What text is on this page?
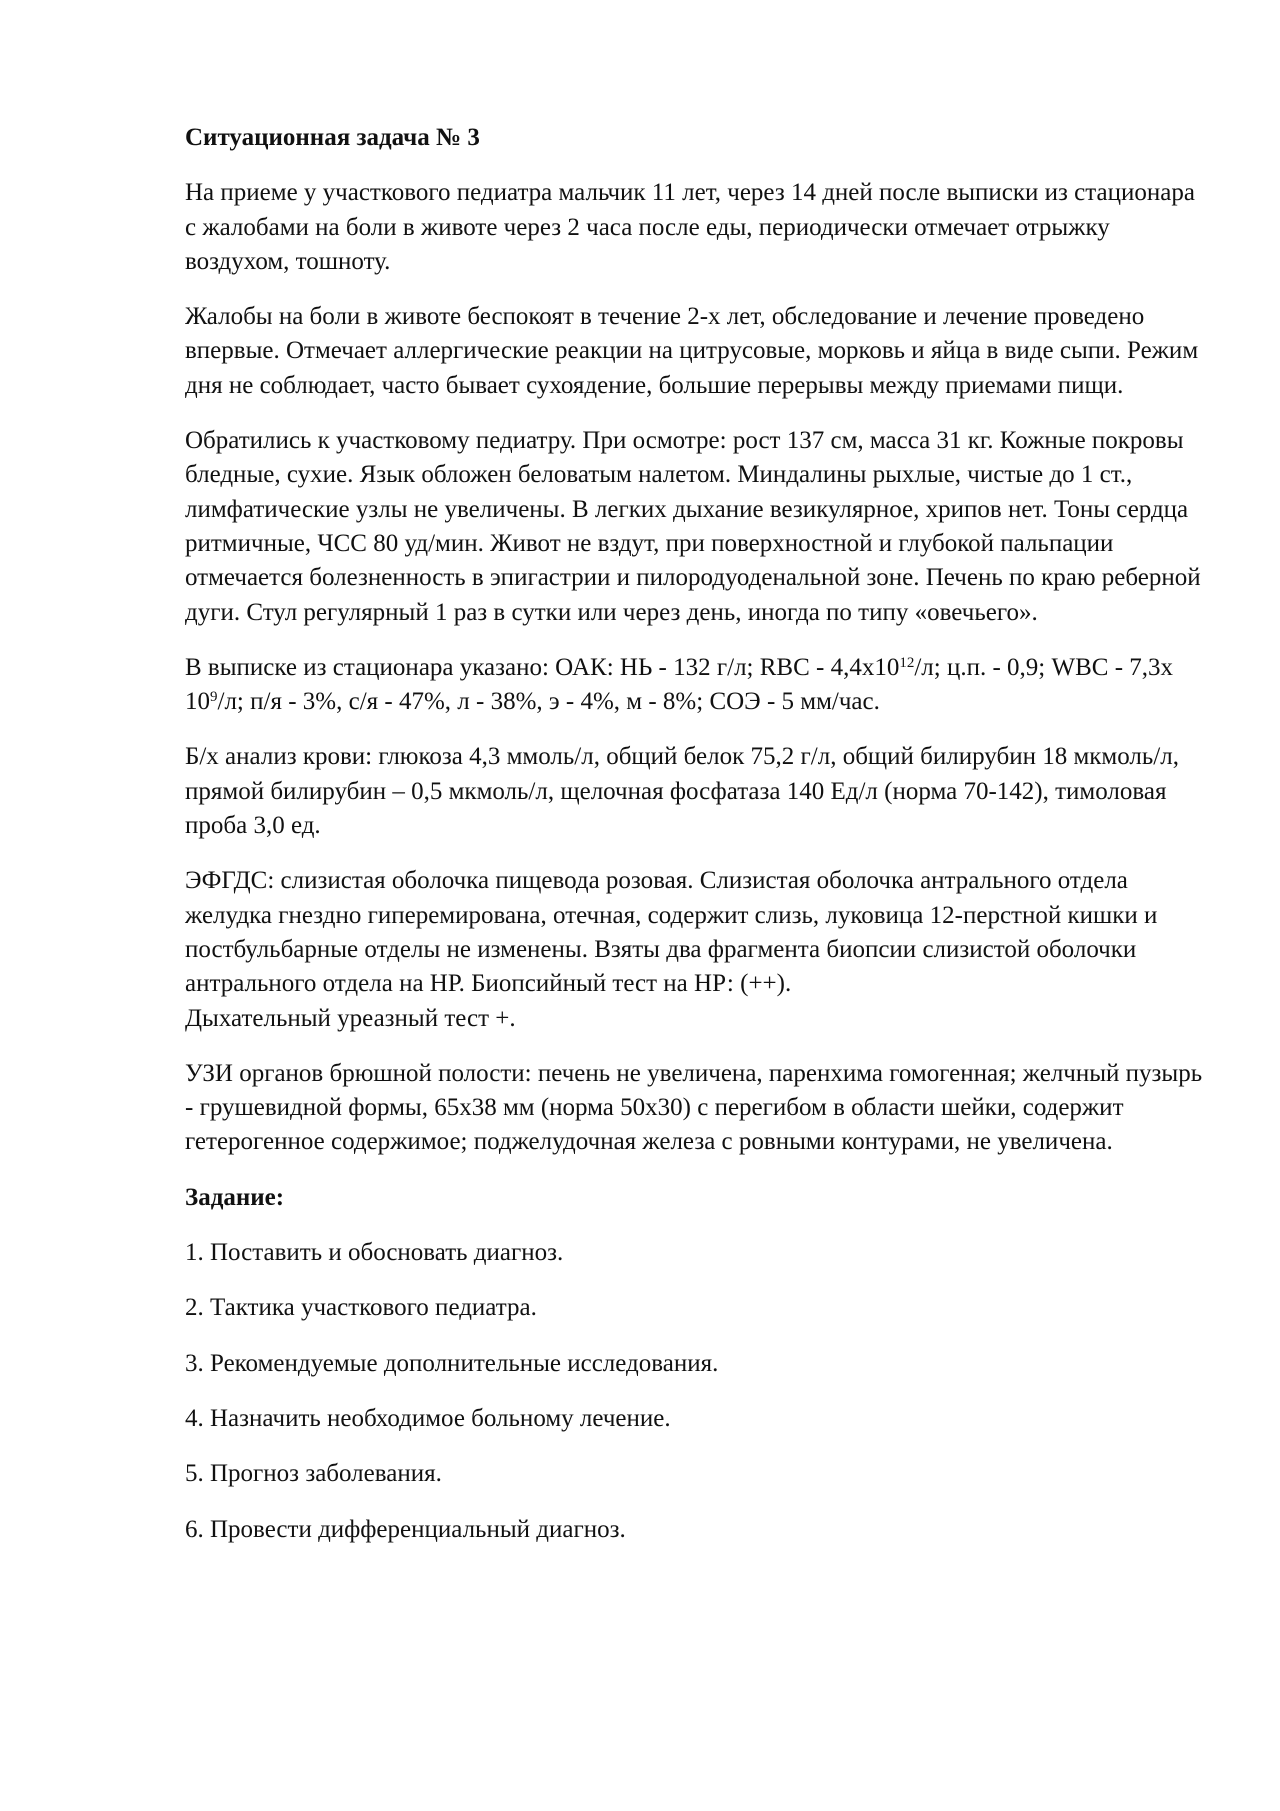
Ситуационная задача № 3

На приеме у участкового педиатра мальчик 11 лет, через 14 дней после выписки из стационара с жалобами на боли в животе через 2 часа после еды, периодически отмечает отрыжку воздухом, тошноту.

Жалобы на боли в животе беспокоят в течение 2-х лет, обследование и лечение проведено впервые. Отмечает аллергические реакции на цитрусовые, морковь и яйца в виде сыпи. Режим дня не соблюдает, часто бывает сухоядение, большие перерывы между приемами пищи.

Обратились к участковому педиатру. При осмотре: рост 137 см, масса 31 кг. Кожные покровы бледные, сухие. Язык обложен беловатым налетом. Миндалины рыхлые, чистые до 1 ст., лимфатические узлы не увеличены. В легких дыхание везикулярное, хрипов нет. Тоны сердца ритмичные, ЧСС 80 уд/мин. Живот не вздут, при поверхностной и глубокой пальпации отмечается болезненность в эпигастрии и пилородуоденальной зоне. Печень по краю реберной дуги. Стул регулярный 1 раз в сутки или через день, иногда по типу «овечьего».

В выписке из стационара указано: ОАК: НЬ - 132 г/л; RBC - $4,4х10^{12}/л$; ц.п. - 0,9; WBC - 7,3х $10^9/л$; п/я - 3%, с/я - 47%, л - 38%, э - 4%, м - 8%; СОЭ - 5 мм/час.

Б/х анализ крови: глюкоза 4,3 ммоль/л, общий белок 75,2 г/л, общий билирубин 18 мкмоль/л, прямой билирубин – 0,5 мкмоль/л, щелочная фосфатаза 140 Ед/л (норма 70-142), тимоловая проба 3,0 ед.

ЭФГДС: слизистая оболочка пищевода розовая. Слизистая оболочка антрального отдела желудка гнездно гиперемирована, отечная, содержит слизь, луковица 12-перстной кишки и постбульбарные отделы не изменены. Взяты два фрагмента биопсии слизистой оболочки антрального отдела на НР. Биопсийный тест на НР: (++).
Дыхательный уреазный тест +.

УЗИ органов брюшной полости: печень не увеличена, паренхима гомогенная; желчный пузырь - грушевидной формы, 65х38 мм (норма 50х30) с перегибом в области шейки, содержит гетерогенное содержимое; поджелудочная железа с ровными контурами, не увеличена.

Задание:

1. Поставить и обосновать диагноз.

2. Тактика участкового педиатра.

3. Рекомендуемые дополнительные исследования.

4. Назначить необходимое больному лечение.

5. Прогноз заболевания.

6. Провести дифференциальный диагноз.
